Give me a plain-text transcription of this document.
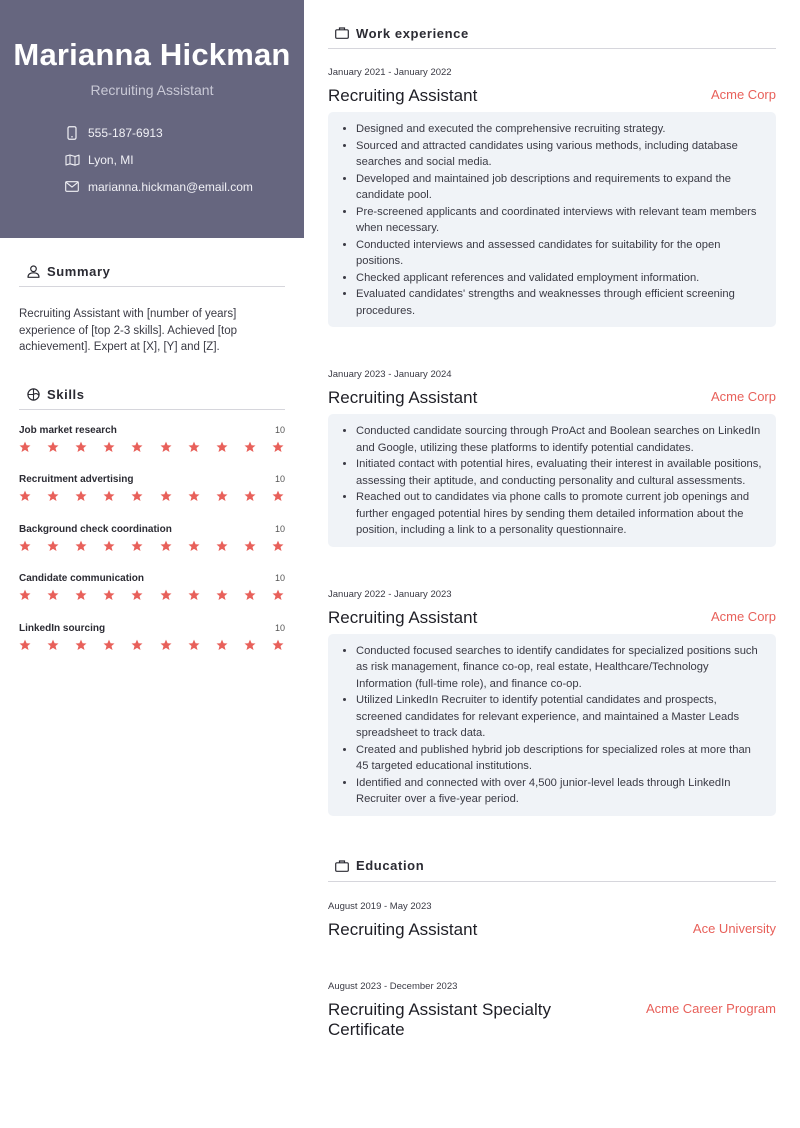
Marianna Hickman
Recruiting Assistant
555-187-6913
Lyon, MI
marianna.hickman@email.com
Summary

Recruiting Assistant with [number of years] experience of [top 2-3 skills]. Achieved [top achievement]. Expert at [X], [Y] and [Z].

Skills
Job market research	10
Recruitment advertising	10
Background check coordination	10
Candidate communication	10
LinkedIn sourcing	10
Work experience
January 2021 - January 2022
Recruiting Assistant	Acme Corp
• Designed and executed the comprehensive recruiting strategy.
• Sourced and attracted candidates using various methods, including database searches and social media.
• Developed and maintained job descriptions and requirements to expand the candidate pool.
• Pre-screened applicants and coordinated interviews with relevant team members when necessary.
• Conducted interviews and assessed candidates for suitability for the open positions.
• Checked applicant references and validated employment information.
• Evaluated candidates' strengths and weaknesses through efficient screening procedures.
January 2023 - January 2024
Recruiting Assistant	Acme Corp
• Conducted candidate sourcing through ProAct and Boolean searches on LinkedIn and Google, utilizing these platforms to identify potential candidates.
• Initiated contact with potential hires, evaluating their interest in available positions, assessing their aptitude, and conducting personality and cultural assessments.
• Reached out to candidates via phone calls to promote current job openings and further engaged potential hires by sending them detailed information about the position, including a link to a personality questionnaire.
January 2022 - January 2023
Recruiting Assistant	Acme Corp
• Conducted focused searches to identify candidates for specialized positions such as risk management, finance co-op, real estate, Healthcare/Technology Information (full-time role), and finance co-op.
• Utilized LinkedIn Recruiter to identify potential candidates and prospects, screened candidates for relevant experience, and maintained a Master Leads spreadsheet to track data.
• Created and published hybrid job descriptions for specialized roles at more than 45 targeted educational institutions.
• Identified and connected with over 4,500 junior-level leads through LinkedIn Recruiter over a five-year period.
Education
August 2019 - May 2023
Recruiting Assistant	Ace University
August 2023 - December 2023
Recruiting Assistant Specialty Certificate
Acme Career Program
